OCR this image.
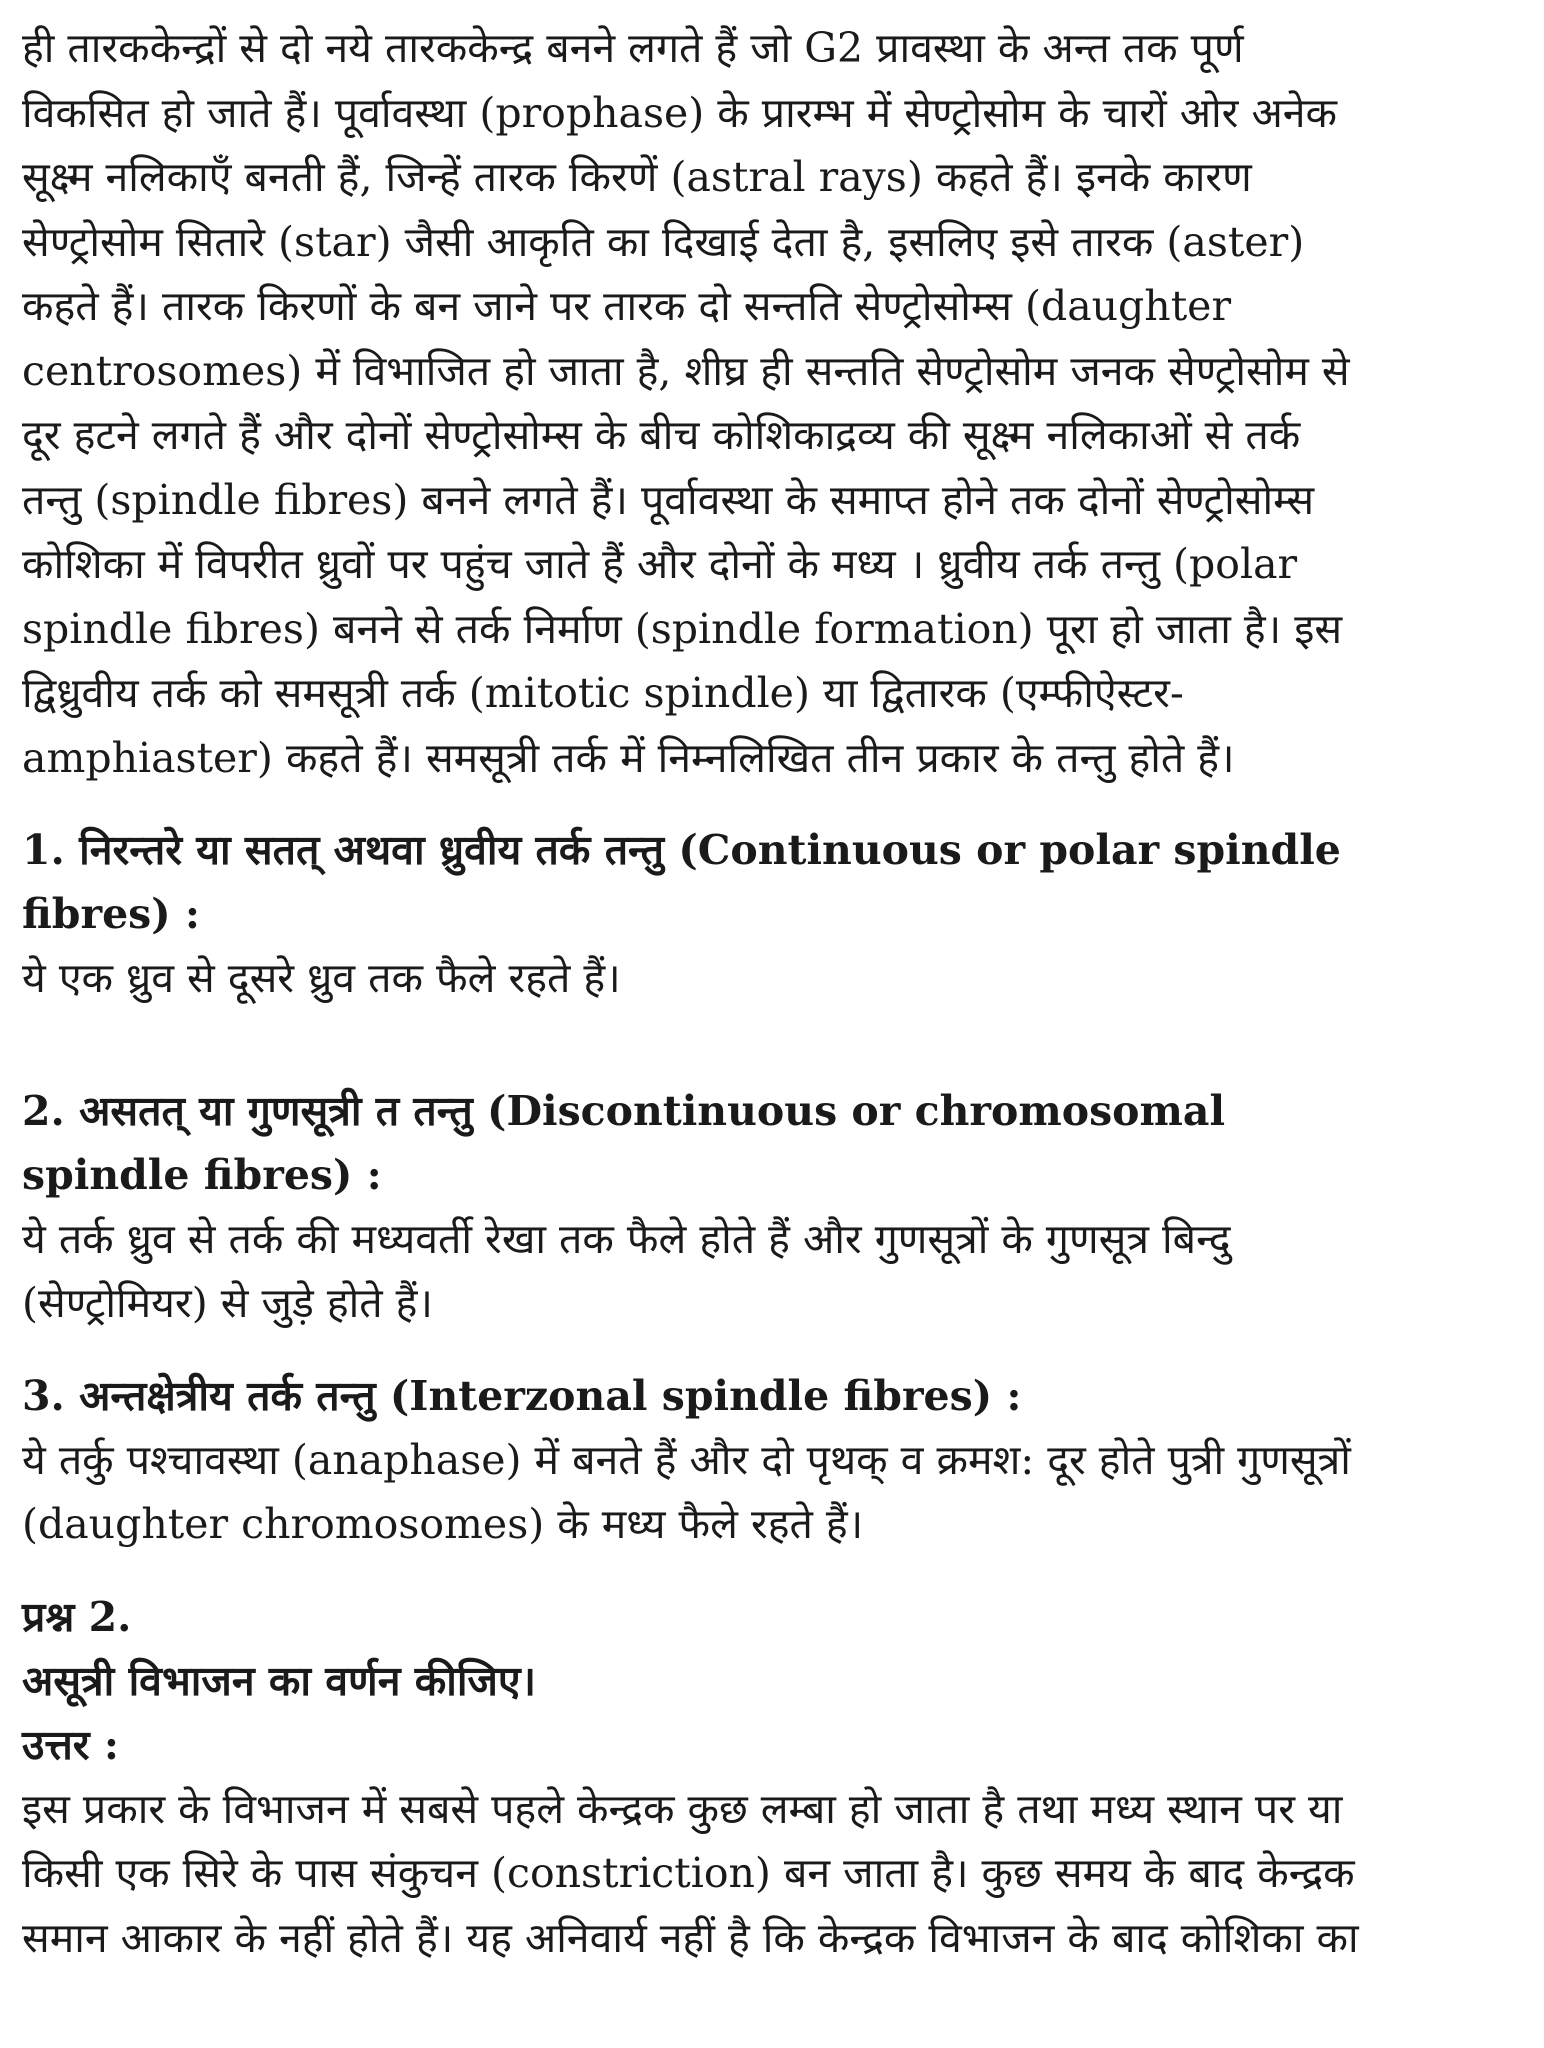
ही तारककेन्द्रों से दो नये तारककेन्द्र बनने लगते हैं जो G2 प्रावस्था के अन्त तक पूर्ण
विकसित हो जाते हैं। पूर्वावस्था (prophase) के प्रारम्भ में सेण्ट्रोसोम के चारों ओर अनेक
सूक्ष्म नलिकाएँ बनती हैं, जिन्हें तारक किरणें (astral rays) कहते हैं। इनके कारण
सेण्ट्रोसोम सितारे (star) जैसी आकृति का दिखाई देता है, इसलिए इसे तारक (aster)
कहते हैं। तारक किरणों के बन जाने पर तारक दो सन्तति सेण्ट्रोसोम्स (daughter
centrosomes) में विभाजित हो जाता है, शीघ्र ही सन्तति सेण्ट्रोसोम जनक सेण्ट्रोसोम से
दूर हटने लगते हैं और दोनों सेण्ट्रोसोम्स के बीच कोशिकाद्रव्य की सूक्ष्म नलिकाओं से तर्क
तन्तु (spindle fibres) बनने लगते हैं। पूर्वावस्था के समाप्त होने तक दोनों सेण्ट्रोसोम्स
कोशिका में विपरीत ध्रुवों पर पहुंच जाते हैं और दोनों के मध्य । ध्रुवीय तर्क तन्तु (polar
spindle fibres) बनने से तर्क निर्माण (spindle formation) पूरा हो जाता है। इस
द्विध्रुवीय तर्क को समसूत्री तर्क (mitotic spindle) या द्वितारक (एम्फीऐस्टर-
amphiaster) कहते हैं। समसूत्री तर्क में निम्नलिखित तीन प्रकार के तन्तु होते हैं।

1. निरन्तरे या सतत् अथवा ध्रुवीय तर्क तन्तु (Continuous or polar spindle
fibres) :

ये एक ध्रुव से दूसरे ध्रुव तक फैले रहते हैं।

2. असतत् या गुणसूत्री त तन्तु (Discontinuous or chromosomal
spindle fibres) :

ये तर्क ध्रुव से तर्क की मध्यवर्ती रेखा तक फैले होते हैं और गुणसूत्रों के गुणसूत्र बिन्दु
(सेण्ट्रोमियर) से जुड़े होते हैं।

3. अन्तक्षेत्रीय तर्क तन्तु (Interzonal spindle fibres) :

ये तर्कु पश्चावस्था (anaphase) में बनते हैं और दो पृथक् व क्रमश: दूर होते पुत्री गुणसूत्रों
(daughter chromosomes) के मध्य फैले रहते हैं।

प्रश्न 2.
असूत्री विभाजन का वर्णन कीजिए।
उत्तर :

इस प्रकार के विभाजन में सबसे पहले केन्द्रक कुछ लम्बा हो जाता है तथा मध्य स्थान पर या
किसी एक सिरे के पास संकुचन (constriction) बन जाता है। कुछ समय के बाद केन्द्रक
समान आकार के नहीं होते हैं। यह अनिवार्य नहीं है कि केन्द्रक विभाजन के बाद कोशिका का
